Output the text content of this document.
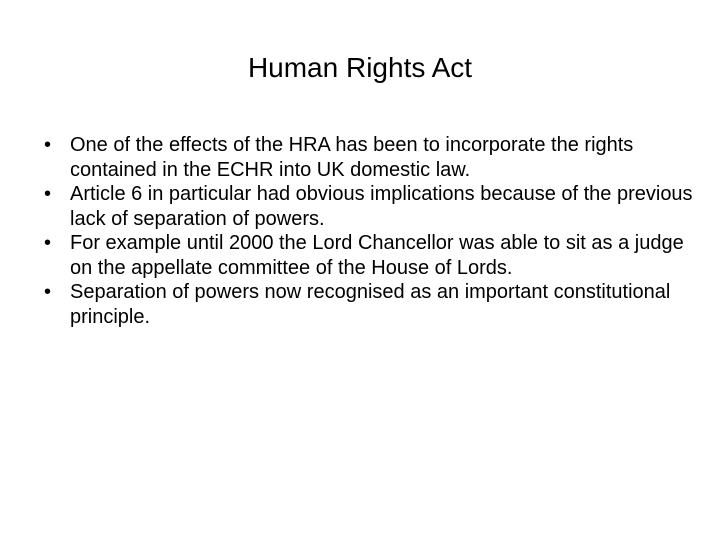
Human Rights Act
• One of the effects of the HRA has been to incorporate the rights contained in the ECHR into UK domestic law.
• Article 6 in particular had obvious implications because of the previous lack of separation of powers.
• For example until 2000 the Lord Chancellor was able to sit as a judge on the appellate committee of the House of Lords.
• Separation of powers now recognised as an important constitutional principle.
